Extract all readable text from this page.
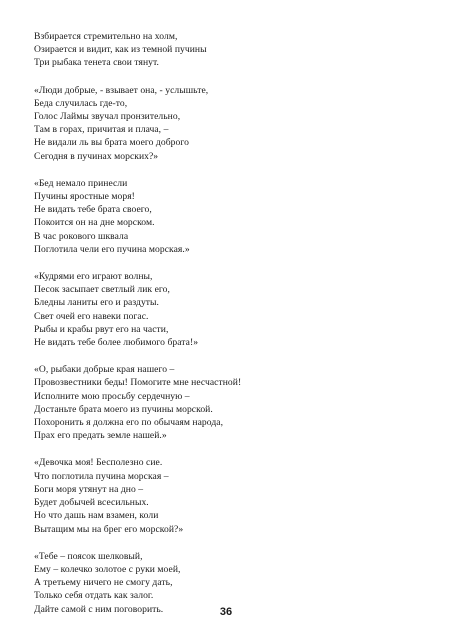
Взбирается стремительно на холм,
Озирается и видит, как из темной пучины
Три рыбака тенета свои тянут.
«Люди добрые, - взывает она, - услышьте,
Беда случилась где-то,
Голос Лаймы звучал пронзительно,
Там в горах, причитая и плача, –
Не видали ль вы брата моего доброго
Сегодня в пучинах морских?»
«Бед немало принесли
Пучины яростные моря!
Не видать тебе брата своего,
Покоится он на дне морском.
В час рокового шквала
Поглотила чели его пучина морская.»
«Кудрями его играют волны,
Песок засыпает светлый лик его,
Бледны ланиты его и раздуты.
Свет очей его навеки погас.
Рыбы и крабы рвут его на части,
Не видать тебе более любимого брата!»
«О, рыбаки добрые края нашего –
Провозвестники беды! Помогите мне несчастной!
Исполните мою просьбу сердечную –
Достаньте брата моего из пучины морской.
Похоронить я должна его по обычаям народа,
Прах его предать земле нашей.»
«Девочка моя! Бесполезно сие.
Что поглотила пучина морская –
Боги моря утянут на дно –
Будет добычей всесильных.
Но что дашь нам взамен, коли
Вытащим мы на брег его морской?»
«Тебе – поясок шелковый,
Ему – колечко золотое с руки моей,
А третьему ничего не смогу дать,
Только себя отдать как залог.
Дайте самой с ним поговорить.	36
